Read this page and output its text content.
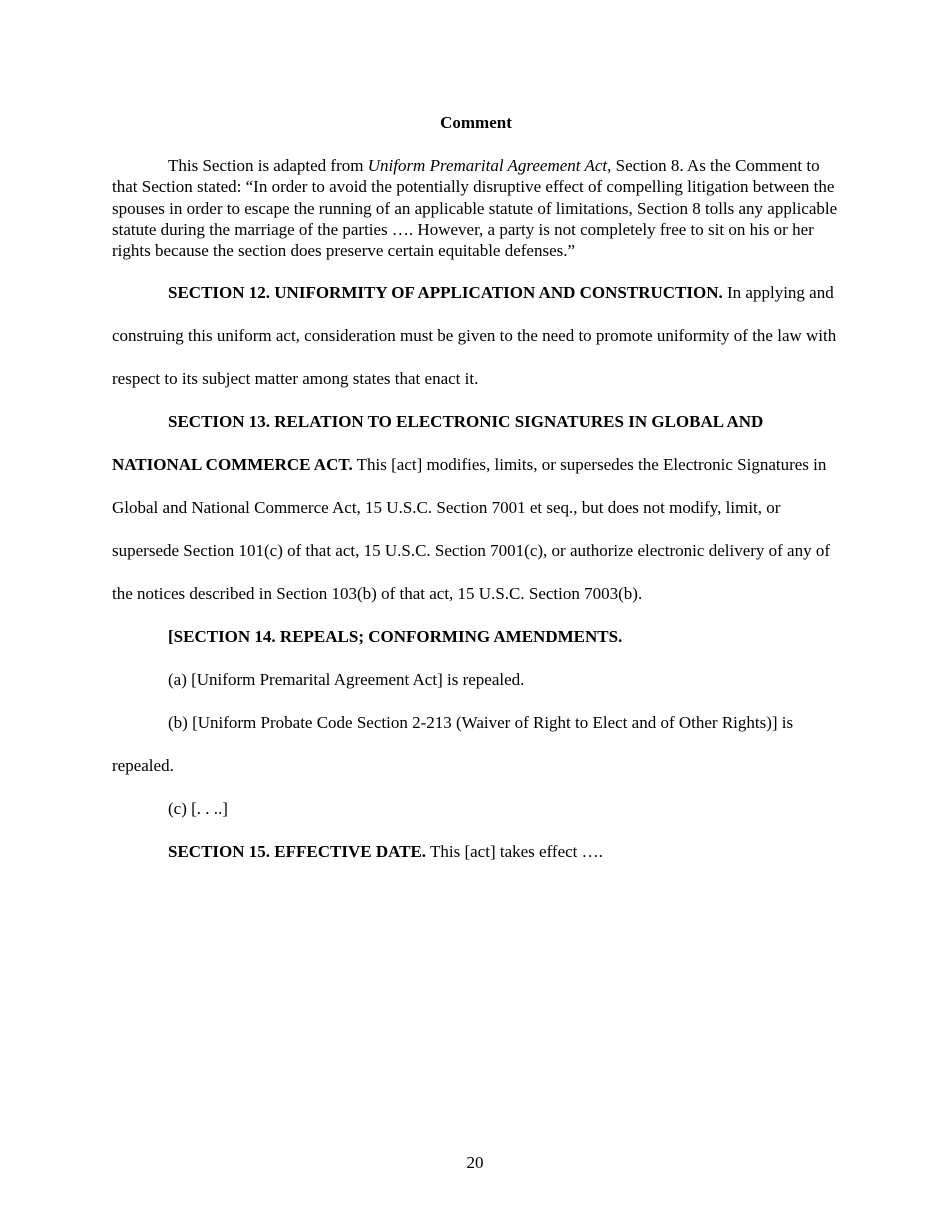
Comment

This Section is adapted from Uniform Premarital Agreement Act, Section 8. As the Comment to that Section stated: “In order to avoid the potentially disruptive effect of compelling litigation between the spouses in order to escape the running of an applicable statute of limitations, Section 8 tolls any applicable statute during the marriage of the parties …. However, a party is not completely free to sit on his or her rights because the section does preserve certain equitable defenses.”

SECTION 12. UNIFORMITY OF APPLICATION AND CONSTRUCTION. In applying and construing this uniform act, consideration must be given to the need to promote uniformity of the law with respect to its subject matter among states that enact it.

SECTION 13. RELATION TO ELECTRONIC SIGNATURES IN GLOBAL AND NATIONAL COMMERCE ACT. This [act] modifies, limits, or supersedes the Electronic Signatures in Global and National Commerce Act, 15 U.S.C. Section 7001 et seq., but does not modify, limit, or supersede Section 101(c) of that act, 15 U.S.C. Section 7001(c), or authorize electronic delivery of any of the notices described in Section 103(b) of that act, 15 U.S.C. Section 7003(b).

[SECTION 14. REPEALS; CONFORMING AMENDMENTS.

(a) [Uniform Premarital Agreement Act] is repealed.

(b) [Uniform Probate Code Section 2-213 (Waiver of Right to Elect and of Other Rights)] is repealed.

(c) [. . ..]

SECTION 15. EFFECTIVE DATE. This [act] takes effect ….

20
